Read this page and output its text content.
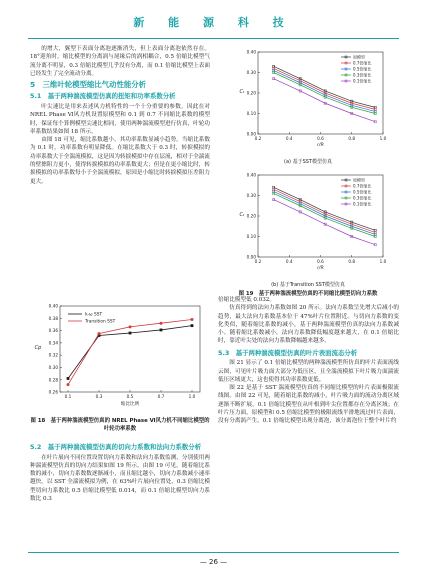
新 能 源 科 技

的增大，翼型下表面分离泡逐渐消失，但上表面分离泡依然存在。18°迎角时，缩比模型的分离涡与尾缘后的涡相耦合，0.5 倍缩比模型气流分离不明显，0.3 倍缩比模型几乎没有分离，而 0.1 倍缩比模型上表面已经发生了完全流动分离。

5　三维叶轮模型缩比气动性能分析
5.1　基于两种湍流模型仿真的扭矩和功率系数分析

叶尖速比是用来表述风力机特性的一个十分重要的参数。因此在对 NREL Phase Ⅵ风力机设置原模型和 0.1 到 0.7 不同缩比系数的模型时，保证每个算例模型尖速比相同，使用两种湍流模型进行仿真，叶轮功率系数结果如图 18 所示。

由图 18 可见，缩比系数越小，其功率系数显减小趋势。当缩比系数为 0.1 时，功率系数有明显降低。在缩比系数大于 0.3 时，转捩模拟的功率系数大于全湍流模拟，这是因为转捩模拟中存在层流，相对于全湍流的壁擦阻力更小，使得转捩模拟的功率系数更大；但是在更小缩比时，转捩模拟的功率系数每小于全湍流模拟，原因是小缩比时转捩模拟压差阻力更大。

0.26
0.28
0.30
0.32
0.34
0.36
0.38
0.40
0.1	0.3	0.5	0.7	1.0
缩比比例
Cp
k-ω SST
Transition SST
图 18　基于两种湍流模型仿真的 NREL Phase Ⅵ风力机不同缩比模型的叶轮功率系数
5.2　基于两种湍流模型仿真的切向力系数和法向力系数分析

在叶片展向不同位置设置切向力系数和法向力系数监测，分别使用两种湍流模型仿真的切向力结果如图 19 所示。由图 19 可见，随着缩比系数的减小，切向力系数数逐渐减小，而且缩比越小，切向力系数减小速率越快。以 SST 全湍流模拟为例，在 63%叶片展向位置处，0.3 倍缩比模型切向力系数比 0.5 倍缩比模型低 0.014，而 0.1 倍缩比模型切向力系数比 0.3

0.00
0.10
0.20
0.30
0.40
0.2	0.4	0.6	0.8	1.0
r/R
Cₜ
原模型
0.7倍缩比
0.5倍缩比
0.3倍缩比
0.1倍缩比
(a) 基于SST模型仿真
0.00
0.10
0.20
0.30
0.40
0.2	0.4	0.6	0.8	1.0
r/R
Cₜ
原模型
0.7倍缩比
0.5倍缩比
0.3倍缩比
0.1倍缩比
(b) 基于Transition SST模型仿真
图 19　基于两种湍流模型仿真的不同缩比模型切向力系数

倍缩比模型低 0.032。

仿真得到的法向力系数如图 20 所示。法向力系数呈先增大后减小的趋势，最大法向力系数基本位于 47%叶片位置附近。与切向力系数的变化类似，随着缩比系数的减小，基于两种湍流模型仿真的法向力系数减小。随着缩比系数减小，法向力系数降低幅度越来越大，在 0.1 倍缩比时，靠近叶尖处的法向力系数降幅越来越多。

5.3　基于两种湍流模型仿真的叶片表面流态分析

图 21 显示了 0.1 倍缩比模型的两种湍流模型所仿真的叶片表面流线云图，可见叶片吸力面大部分为低压区，且全湍流模拟下叶片吸力面湍流低压区域更大，这也使得其功率系数更低。

图 22 是基于 SST 湍流模型仿真的不同缩比模型的叶片表面极限流线图。由图 22 可见，随着缩比系数的减小，叶片吸力面的流动分离区域逐渐不断扩展，0.1 倍缩比模型在从叶根到叶尖位置都存在分离区域；在叶片压力面，原模型和 0.5 倍缩比模型的极限流线平滑地流过叶片表面，没有分离涡产生，0.1 倍缩比模型出现分离泡，该分离泡位于整个叶片约

— 26 —
